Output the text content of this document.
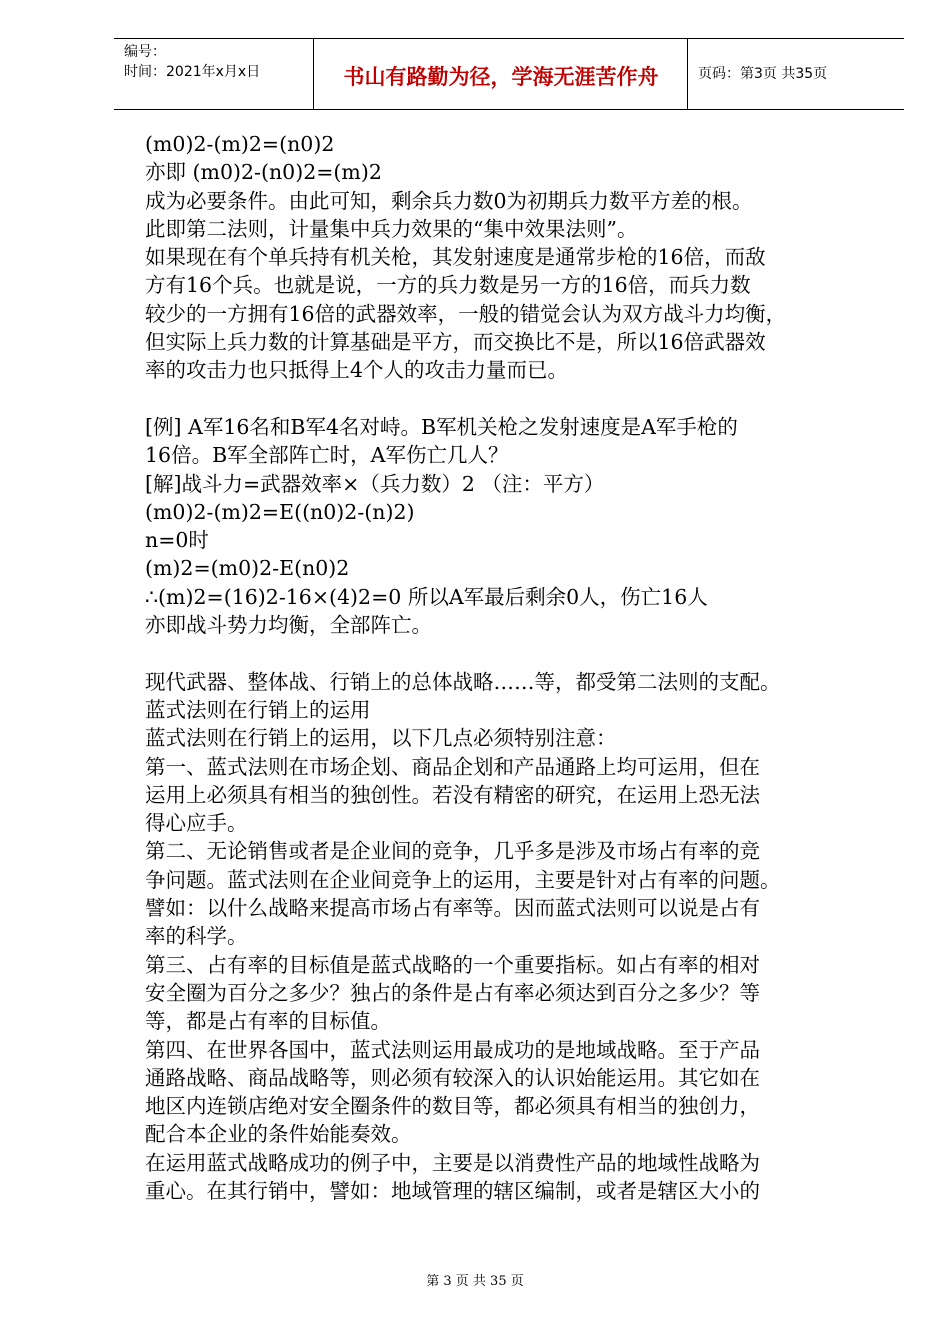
编号：
时间：2021年x月x日	书山有路勤为径，学海无涯苦作舟	页码：第3页 共35页
(m0)2-(m)2=(n0)2
亦即 (m0)2-(n0)2=(m)2
成为必要条件。由此可知，剩余兵力数0为初期兵力数平方差的根。
此即第二法则，计量集中兵力效果的“集中效果法则”。
如果现在有个单兵持有机关枪，其发射速度是通常步枪的16倍，而敌
方有16个兵。也就是说，一方的兵力数是另一方的16倍，而兵力数
较少的一方拥有16倍的武器效率，一般的错觉会认为双方战斗力均衡，
但实际上兵力数的计算基础是平方，而交换比不是，所以16倍武器效
率的攻击力也只抵得上4个人的攻击力量而已。
[例] A军16名和B军4名对峙。B军机关枪之发射速度是A军手枪的
16倍。B军全部阵亡时，A军伤亡几人？
[解]战斗力=武器效率×（兵力数）2 （注：平方）
(m0)2-(m)2=E((n0)2-(n)2)
n=0时
(m)2=(m0)2-E(n0)2
∴(m)2=(16)2-16×(4)2=0 所以A军最后剩余0人，伤亡16人
亦即战斗势力均衡，全部阵亡。
现代武器、整体战、行销上的总体战略……等，都受第二法则的支配。
蓝式法则在行销上的运用
蓝式法则在行销上的运用，以下几点必须特别注意：
第一、蓝式法则在市场企划、商品企划和产品通路上均可运用，但在
运用上必须具有相当的独创性。若没有精密的研究，在运用上恐无法
得心应手。
第二、无论销售或者是企业间的竞争，几乎多是涉及市场占有率的竞
争问题。蓝式法则在企业间竞争上的运用，主要是针对占有率的问题。
譬如：以什么战略来提高市场占有率等。因而蓝式法则可以说是占有
率的科学。
第三、占有率的目标值是蓝式战略的一个重要指标。如占有率的相对
安全圈为百分之多少？独占的条件是占有率必须达到百分之多少？等
等，都是占有率的目标值。
第四、在世界各国中，蓝式法则运用最成功的是地域战略。至于产品
通路战略、商品战略等，则必须有较深入的认识始能运用。其它如在
地区内连锁店绝对安全圈条件的数目等，都必须具有相当的独创力，
配合本企业的条件始能奏效。
在运用蓝式战略成功的例子中，主要是以消费性产品的地域性战略为
重心。在其行销中，譬如：地域管理的辖区编制，或者是辖区大小的
第 3 页 共 35 页
